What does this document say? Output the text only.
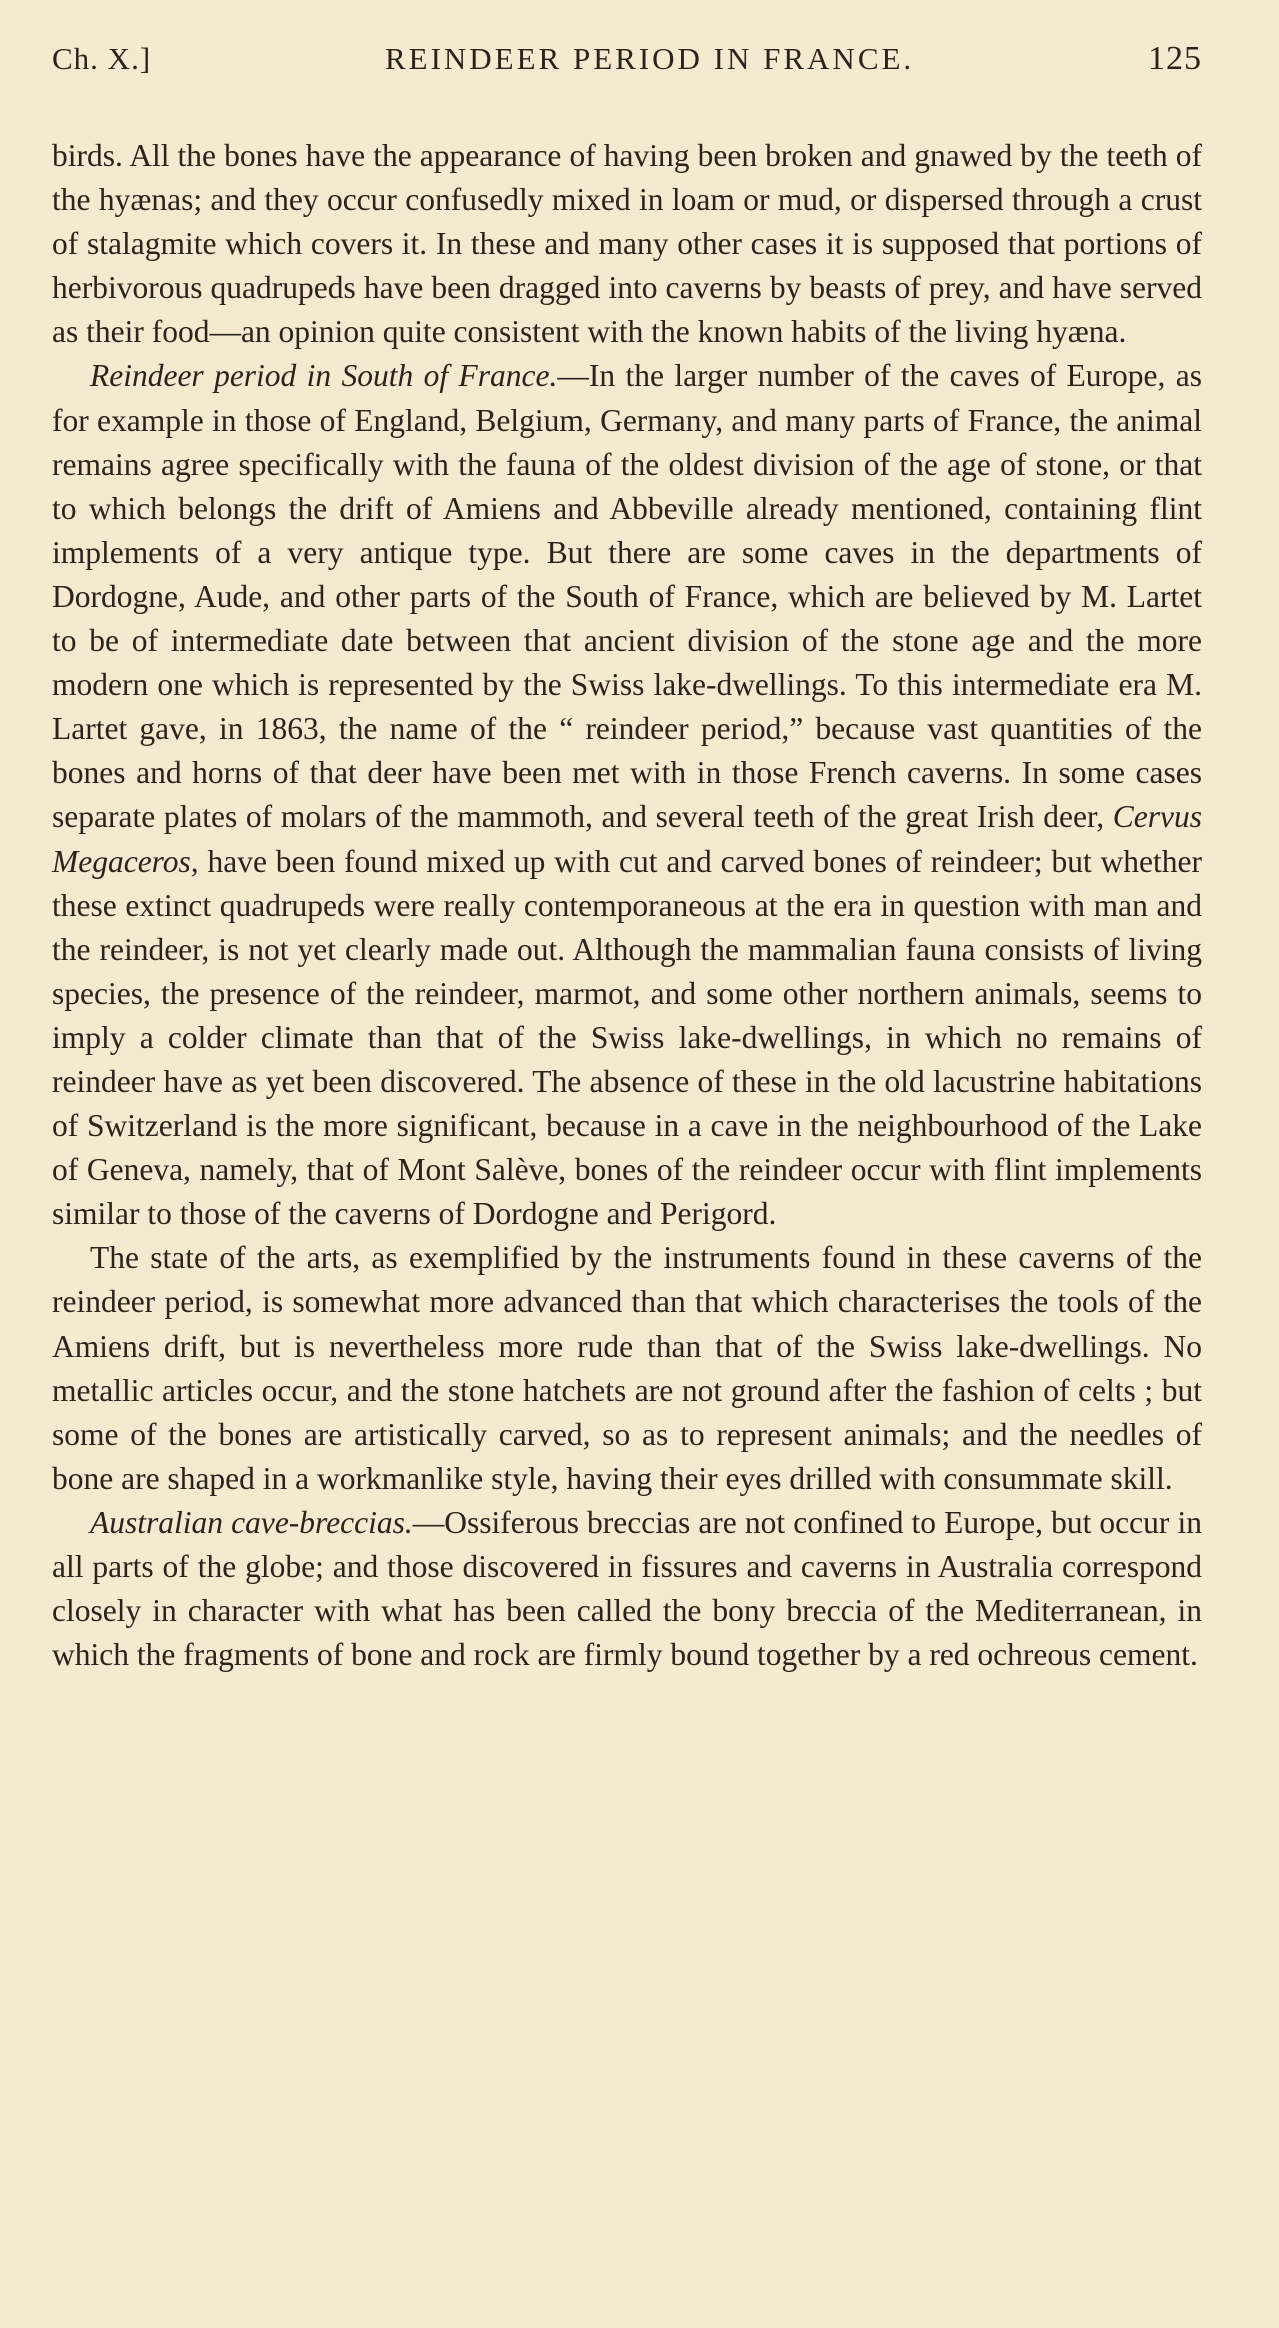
Ch. X.]	REINDEER PERIOD IN FRANCE.	125

birds. All the bones have the appearance of having been broken and gnawed by the teeth of the hyænas; and they occur confusedly mixed in loam or mud, or dispersed through a crust of stalagmite which covers it. In these and many other cases it is supposed that portions of herbivorous quadrupeds have been dragged into caverns by beasts of prey, and have served as their food—an opinion quite consistent with the known habits of the living hyæna.

Reindeer period in South of France.—In the larger number of the caves of Europe, as for example in those of England, Belgium, Germany, and many parts of France, the animal remains agree specifically with the fauna of the oldest division of the age of stone, or that to which belongs the drift of Amiens and Abbeville already mentioned, containing flint implements of a very antique type. But there are some caves in the departments of Dordogne, Aude, and other parts of the South of France, which are believed by M. Lartet to be of intermediate date between that ancient division of the stone age and the more modern one which is represented by the Swiss lake-dwellings. To this intermediate era M. Lartet gave, in 1863, the name of the “ reindeer period,” because vast quantities of the bones and horns of that deer have been met with in those French caverns. In some cases separate plates of molars of the mammoth, and several teeth of the great Irish deer, Cervus Megaceros, have been found mixed up with cut and carved bones of reindeer; but whether these extinct quadrupeds were really contemporaneous at the era in question with man and the reindeer, is not yet clearly made out. Although the mammalian fauna consists of living species, the presence of the reindeer, marmot, and some other northern animals, seems to imply a colder climate than that of the Swiss lake-dwellings, in which no remains of reindeer have as yet been discovered. The absence of these in the old lacustrine habitations of Switzerland is the more significant, because in a cave in the neighbourhood of the Lake of Geneva, namely, that of Mont Salève, bones of the reindeer occur with flint implements similar to those of the caverns of Dordogne and Perigord.

The state of the arts, as exemplified by the instruments found in these caverns of the reindeer period, is somewhat more advanced than that which characterises the tools of the Amiens drift, but is nevertheless more rude than that of the Swiss lake-dwellings. No metallic articles occur, and the stone hatchets are not ground after the fashion of celts ; but some of the bones are artistically carved, so as to represent animals; and the needles of bone are shaped in a workmanlike style, having their eyes drilled with consummate skill.

Australian cave-breccias.—Ossiferous breccias are not confined to Europe, but occur in all parts of the globe; and those discovered in fissures and caverns in Australia correspond closely in character with what has been called the bony breccia of the Mediterranean, in which the fragments of bone and rock are firmly bound together by a red ochreous cement.
